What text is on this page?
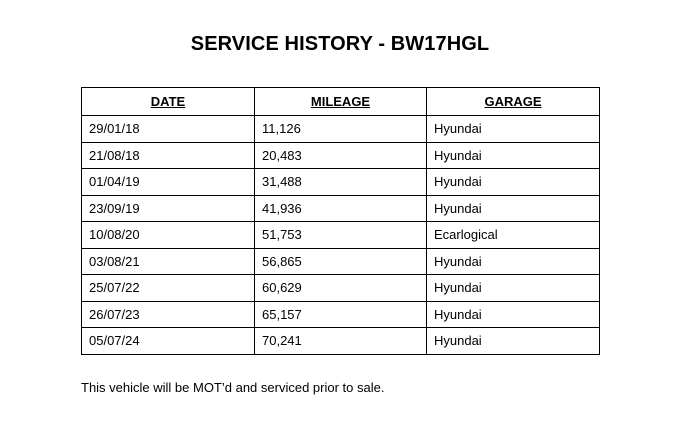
SERVICE HISTORY - BW17HGL
DATE	MILEAGE	GARAGE
29/01/18	11,126	Hyundai
21/08/18	20,483	Hyundai
01/04/19	31,488	Hyundai
23/09/19	41,936	Hyundai
10/08/20	51,753	Ecarlogical
03/08/21	56,865	Hyundai
25/07/22	60,629	Hyundai
26/07/23	65,157	Hyundai
05/07/24	70,241	Hyundai

This vehicle will be MOT’d and serviced prior to sale.
